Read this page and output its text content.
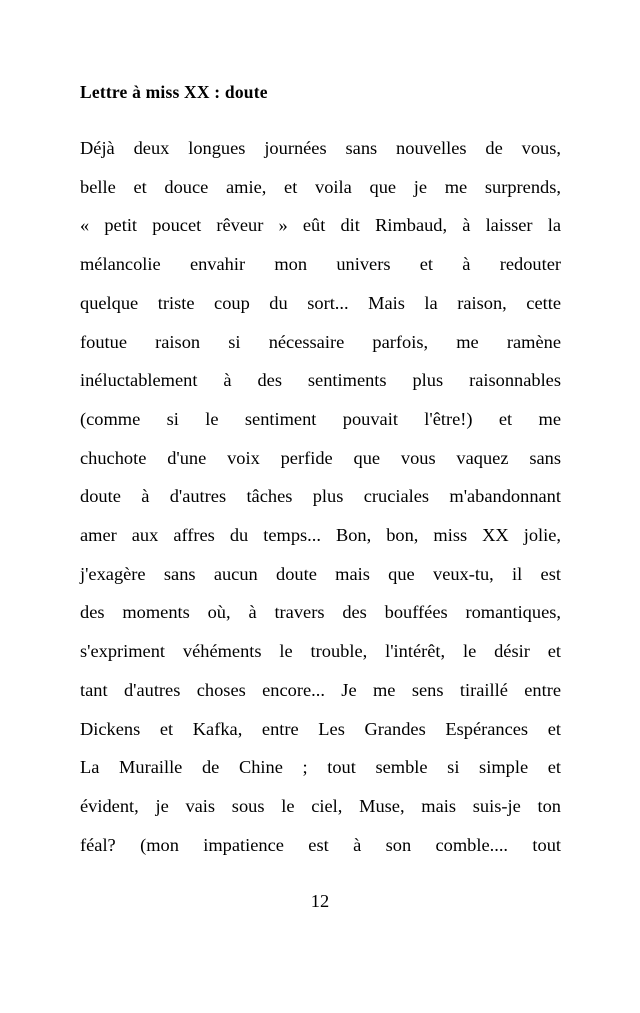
Lettre à miss XX : doute
Déjà deux longues journées sans nouvelles de vous,
belle et douce amie, et voila que je me surprends,
« petit poucet rêveur » eût dit Rimbaud, à laisser la
mélancolie envahir mon univers et à redouter
quelque triste coup du sort... Mais la raison, cette
foutue raison si nécessaire parfois, me ramène
inéluctablement à des sentiments plus raisonnables
(comme si le sentiment pouvait l'être!) et me
chuchote d'une voix perfide que vous vaquez sans
doute à d'autres tâches plus cruciales m'abandonnant
amer aux affres du temps... Bon, bon, miss XX jolie,
j'exagère sans aucun doute mais que veux-tu, il est
des moments où, à travers des bouffées romantiques,
s'expriment véhéments le trouble, l'intérêt, le désir et
tant d'autres choses encore... Je me sens tiraillé entre
Dickens et Kafka, entre Les Grandes Espérances et
La Muraille de Chine ; tout semble si simple et
évident, je vais sous le ciel, Muse, mais suis-je ton
féal? (mon impatience est à son comble.... tout
12
